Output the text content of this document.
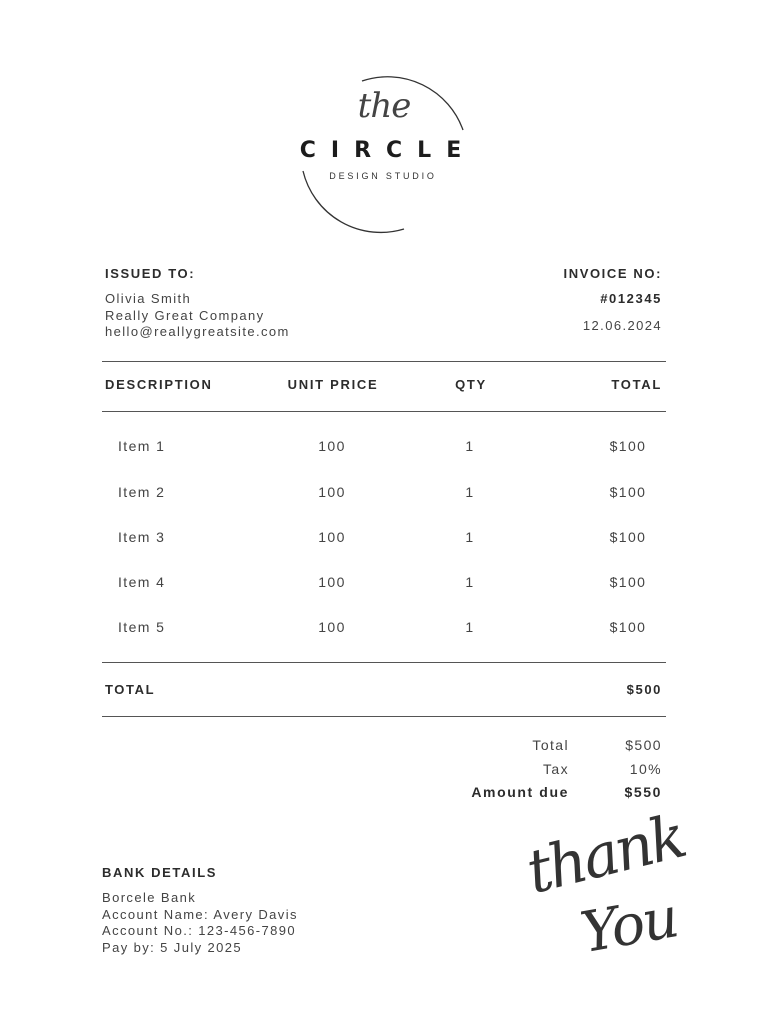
the
CIRCLE
DESIGN STUDIO
ISSUED TO:
Olivia Smith
Really Great Company
hello@reallygreatsite.com
INVOICE NO:
#012345
12.06.2024
DESCRIPTION	UNIT PRICE	QTY	TOTAL
Item 1	100	1	$100
Item 2	100	1	$100
Item 3	100	1	$100
Item 4	100	1	$100
Item 5	100	1	$100
TOTAL	$500
Total	$500
Tax	10%
Amount due	$550
BANK DETAILS
Borcele Bank
Account Name: Avery Davis
Account No.: 123-456-7890
Pay by: 5 July 2025
thank
You
